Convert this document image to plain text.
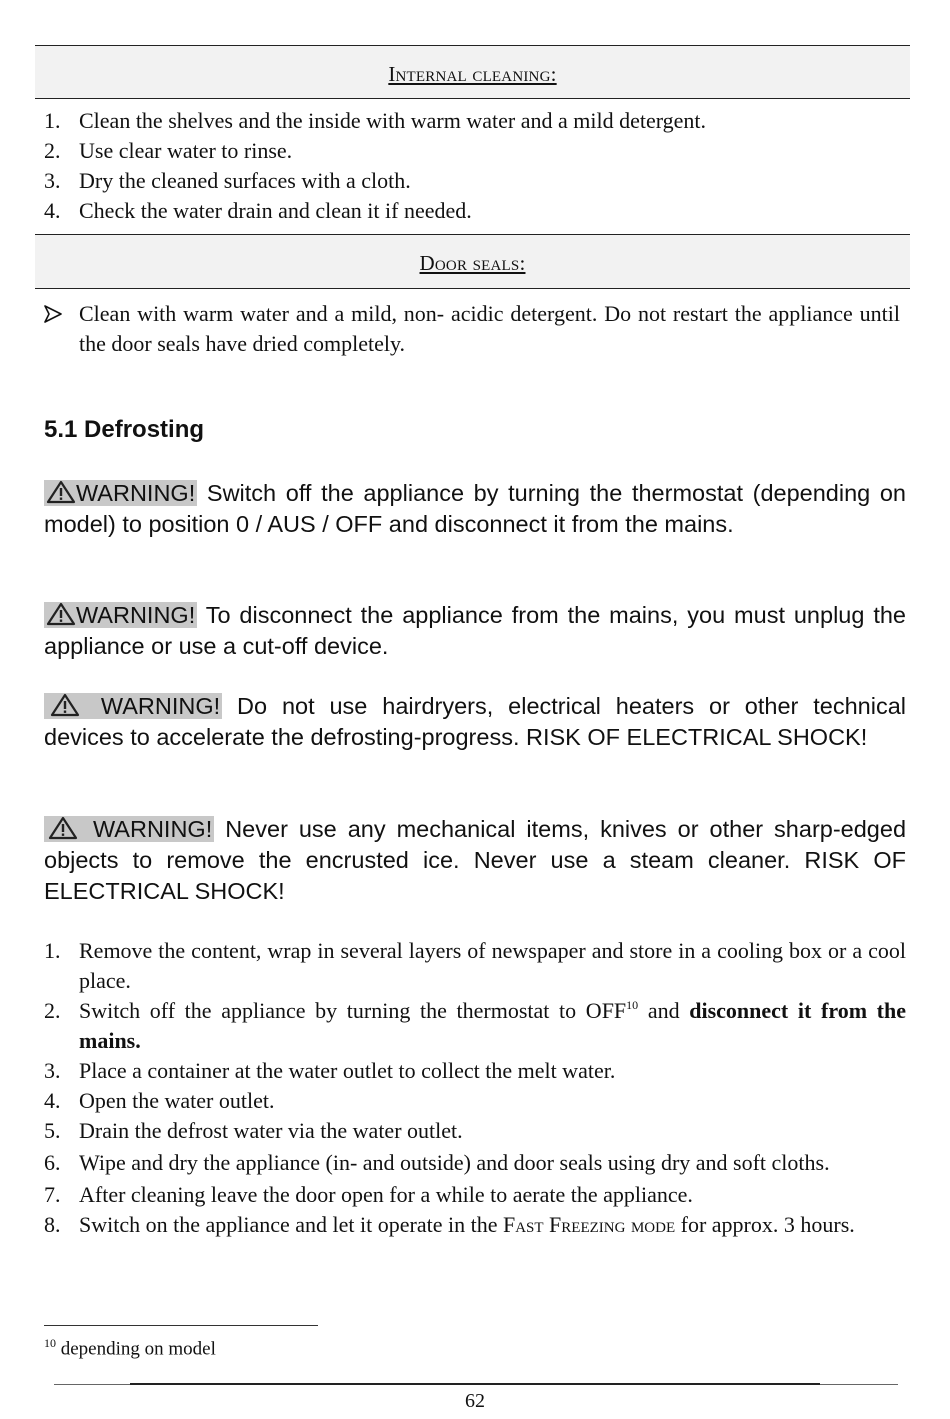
Internal cleaning:
1. Clean the shelves and the inside with warm water and a mild detergent.
2. Use clear water to rinse.
3. Dry the cleaned surfaces with a cloth.
4. Check the water drain and clean it if needed.
Door seals:
Clean with warm water and a mild, non- acidic detergent. Do not restart the appliance until the door seals have dried completely.
5.1 Defrosting
WARNING! Switch off the appliance by turning the thermostat (depending on model) to position 0 / AUS / OFF and disconnect it from the mains.
WARNING! To disconnect the appliance from the mains, you must unplug the appliance or use a cut-off device.
WARNING! Do not use hairdryers, electrical heaters or other technical devices to accelerate the defrosting-progress. RISK OF ELECTRICAL SHOCK!
WARNING! Never use any mechanical items, knives or other sharp-edged objects to remove the encrusted ice. Never use a steam cleaner. RISK OF ELECTRICAL SHOCK!
1. Remove the content, wrap in several layers of newspaper and store in a cooling box or a cool place.
2. Switch off the appliance by turning the thermostat to OFF$^{10}$ and disconnect it from the mains.
3. Place a container at the water outlet to collect the melt water.
4. Open the water outlet.
5. Drain the defrost water via the water outlet.
6. Wipe and dry the appliance (in- and outside) and door seals using dry and soft cloths.
7. After cleaning leave the door open for a while to aerate the appliance.
8. Switch on the appliance and let it operate in the Fast Freezing mode for approx. 3 hours.
$^{10}$ depending on model
62
